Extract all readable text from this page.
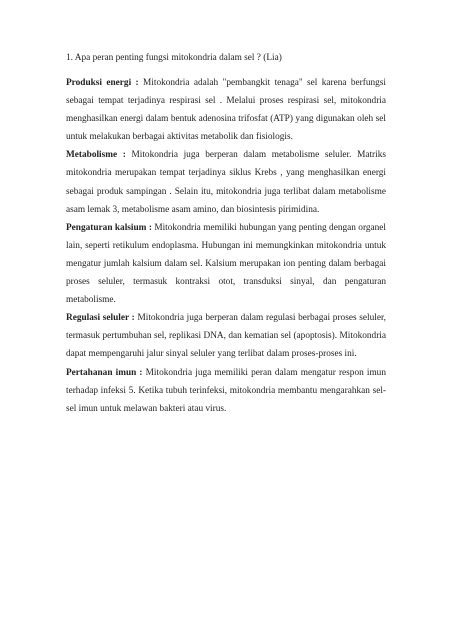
1. Apa peran penting fungsi mitokondria dalam sel ? (Lia)

Produksi energi : Mitokondria adalah "pembangkit tenaga" sel karena berfungsi sebagai tempat terjadinya respirasi sel . Melalui proses respirasi sel, mitokondria menghasilkan energi dalam bentuk adenosina trifosfat (ATP) yang digunakan oleh sel untuk melakukan berbagai aktivitas metabolik dan fisiologis.

Metabolisme : Mitokondria juga berperan dalam metabolisme seluler. Matriks mitokondria merupakan tempat terjadinya siklus Krebs , yang menghasilkan energi sebagai produk sampingan . Selain itu, mitokondria juga terlibat dalam metabolisme asam lemak 3, metabolisme asam amino, dan biosintesis pirimidina.

Pengaturan kalsium : Mitokondria memiliki hubungan yang penting dengan organel lain, seperti retikulum endoplasma. Hubungan ini memungkinkan mitokondria untuk mengatur jumlah kalsium dalam sel. Kalsium merupakan ion penting dalam berbagai proses seluler, termasuk kontraksi otot, transduksi sinyal, dan pengaturan metabolisme.

Regulasi seluler : Mitokondria juga berperan dalam regulasi berbagai proses seluler, termasuk pertumbuhan sel, replikasi DNA, dan kematian sel (apoptosis). Mitokondria dapat mempengaruhi jalur sinyal seluler yang terlibat dalam proses-proses ini.

Pertahanan imun : Mitokondria juga memiliki peran dalam mengatur respon imun terhadap infeksi 5. Ketika tubuh terinfeksi, mitokondria membantu mengarahkan sel-sel imun untuk melawan bakteri atau virus.
